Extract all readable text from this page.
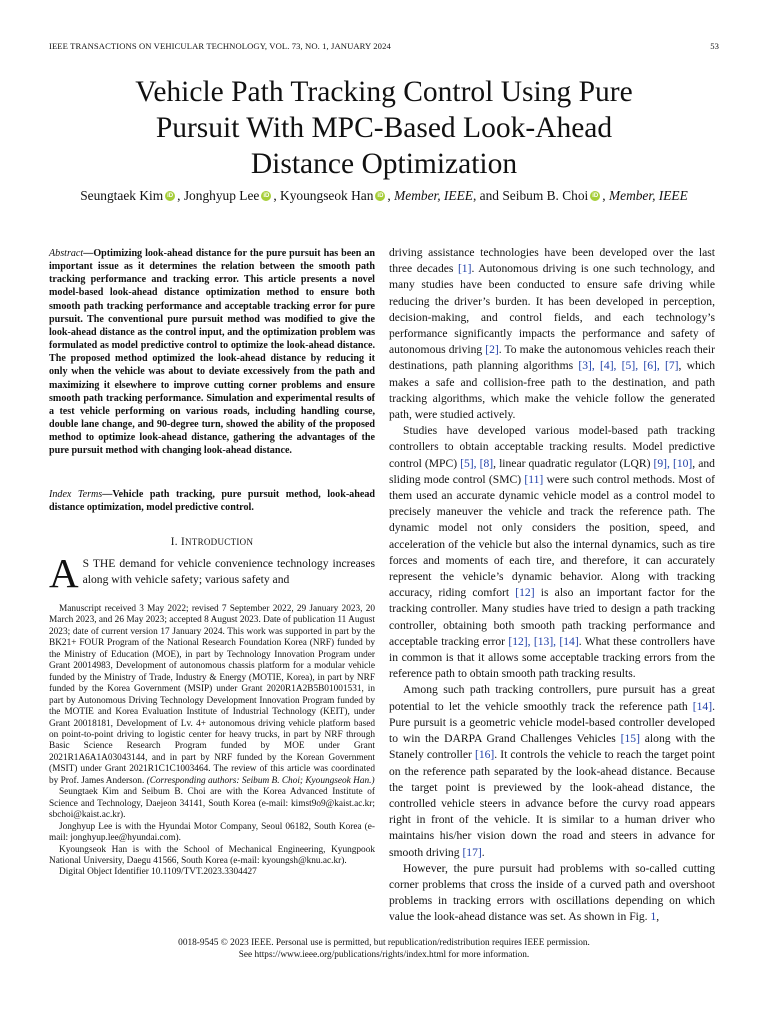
IEEE TRANSACTIONS ON VEHICULAR TECHNOLOGY, VOL. 73, NO. 1, JANUARY 2024	53
Vehicle Path Tracking Control Using Pure
Pursuit With MPC-Based Look-Ahead
Distance Optimization
Seungtaek Kim iD , Jonghyup Lee iD , Kyoungseok Han iD , Member, IEEE, and Seibum B. Choi iD , Member, IEEE
Abstract—Optimizing look-ahead distance for the pure pursuit has been an important issue as it determines the relation between the smooth path tracking performance and tracking error. This article presents a novel model-based look-ahead distance optimization method to ensure both smooth path tracking performance and acceptable tracking error for pure pursuit. The conventional pure pursuit method was modified to give the look-ahead distance as the control input, and the optimization problem was formulated as model predictive control to optimize the look-ahead distance. The proposed method optimized the look-ahead distance by reducing it only when the vehicle was about to deviate excessively from the path and maximizing it elsewhere to improve cutting corner problems and ensure smooth path tracking performance. Simulation and experimental results of a test vehicle performing on various roads, including handling course, double lane change, and 90-degree turn, showed the ability of the proposed method to optimize look-ahead distance, gathering the advantages of the pure pursuit method with changing look-ahead distance.
Index Terms—Vehicle path tracking, pure pursuit method, look-ahead distance optimization, model predictive control.
I. INTRODUCTION
A S THE demand for vehicle convenience technology increases along with vehicle safety; various safety and

Manuscript received 3 May 2022; revised 7 September 2022, 29 January 2023, 20 March 2023, and 26 May 2023; accepted 8 August 2023. Date of publication 11 August 2023; date of current version 17 January 2024. This work was supported in part by the BK21+ FOUR Program of the National Research Foundation Korea (NRF) funded by the Ministry of Education (MOE), in part by Technology Innovation Program under Grant 20014983, Development of autonomous chassis platform for a modular vehicle funded by the Ministry of Trade, Industry & Energy (MOTIE, Korea), in part by NRF funded by the Korea Government (MSIP) under Grant 2020R1A2B5B01001531, in part by Autonomous Driving Technology Development Innovation Program funded by the MOTIE and Korea Evaluation Institute of Industrial Technology (KEIT), under Grant 20018181, Development of Lv. 4+ autonomous driving vehicle platform based on point-to-point driving to logistic center for heavy trucks, in part by NRF through Basic Science Research Program funded by MOE under Grant 2021R1A6A1A03043144, and in part by NRF funded by the Korean Government (MSIT) under Grant 2021R1C1C1003464. The review of this article was coordinated by Prof. James Anderson. (Corresponding authors: Seibum B. Choi; Kyoungseok Han.)

Seungtaek Kim and Seibum B. Choi are with the Korea Advanced Institute of Science and Technology, Daejeon 34141, South Korea (e-mail: kimst9o9@kaist.ac.kr; sbchoi@kaist.ac.kr).

Jonghyup Lee is with the Hyundai Motor Company, Seoul 06182, South Korea (e-mail: jonghyup.lee@hyundai.com).

Kyoungseok Han is with the School of Mechanical Engineering, Kyungpook National University, Daegu 41566, South Korea (e-mail: kyoungsh@knu.ac.kr).

Digital Object Identifier 10.1109/TVT.2023.3304427

driving assistance technologies have been developed over the last three decades [1]. Autonomous driving is one such technology, and many studies have been conducted to ensure safe driving while reducing the driver’s burden. It has been developed in perception, decision-making, and control fields, and each technology’s performance significantly impacts the performance and safety of autonomous driving [2]. To make the autonomous vehicles reach their destinations, path planning algorithms [3], [4], [5], [6], [7], which makes a safe and collision-free path to the destination, and path tracking algorithms, which make the vehicle follow the generated path, were studied actively.

Studies have developed various model-based path tracking controllers to obtain acceptable tracking results. Model predictive control (MPC) [5], [8], linear quadratic regulator (LQR) [9], [10], and sliding mode control (SMC) [11] were such control methods. Most of them used an accurate dynamic vehicle model as a control model to precisely maneuver the vehicle and track the reference path. The dynamic model not only considers the position, speed, and acceleration of the vehicle but also the internal dynamics, such as tire forces and moments of each tire, and therefore, it can accurately represent the vehicle’s dynamic behavior. Along with tracking accuracy, riding comfort [12] is also an important factor for the tracking controller. Many studies have tried to design a path tracking controller, obtaining both smooth path tracking performance and acceptable tracking error [12], [13], [14]. What these controllers have in common is that it allows some acceptable tracking errors from the reference path to obtain smooth path tracking results.

Among such path tracking controllers, pure pursuit has a great potential to let the vehicle smoothly track the reference path [14]. Pure pursuit is a geometric vehicle model-based controller developed to win the DARPA Grand Challenges Vehicles [15] along with the Stanely controller [16]. It controls the vehicle to reach the target point on the reference path separated by the look-ahead distance. Because the target point is previewed by the look-ahead distance, the controlled vehicle steers in advance before the curvy road appears right in front of the vehicle. It is similar to a human driver who maintains his/her vision down the road and steers in advance for smooth driving [17].

However, the pure pursuit had problems with so-called cutting corner problems that cross the inside of a curved path and overshoot problems in tracking errors with oscillations depending on which value the look-ahead distance was set. As shown in Fig. 1,

0018-9545 © 2023 IEEE. Personal use is permitted, but republication/redistribution requires IEEE permission.
See https://www.ieee.org/publications/rights/index.html for more information.
